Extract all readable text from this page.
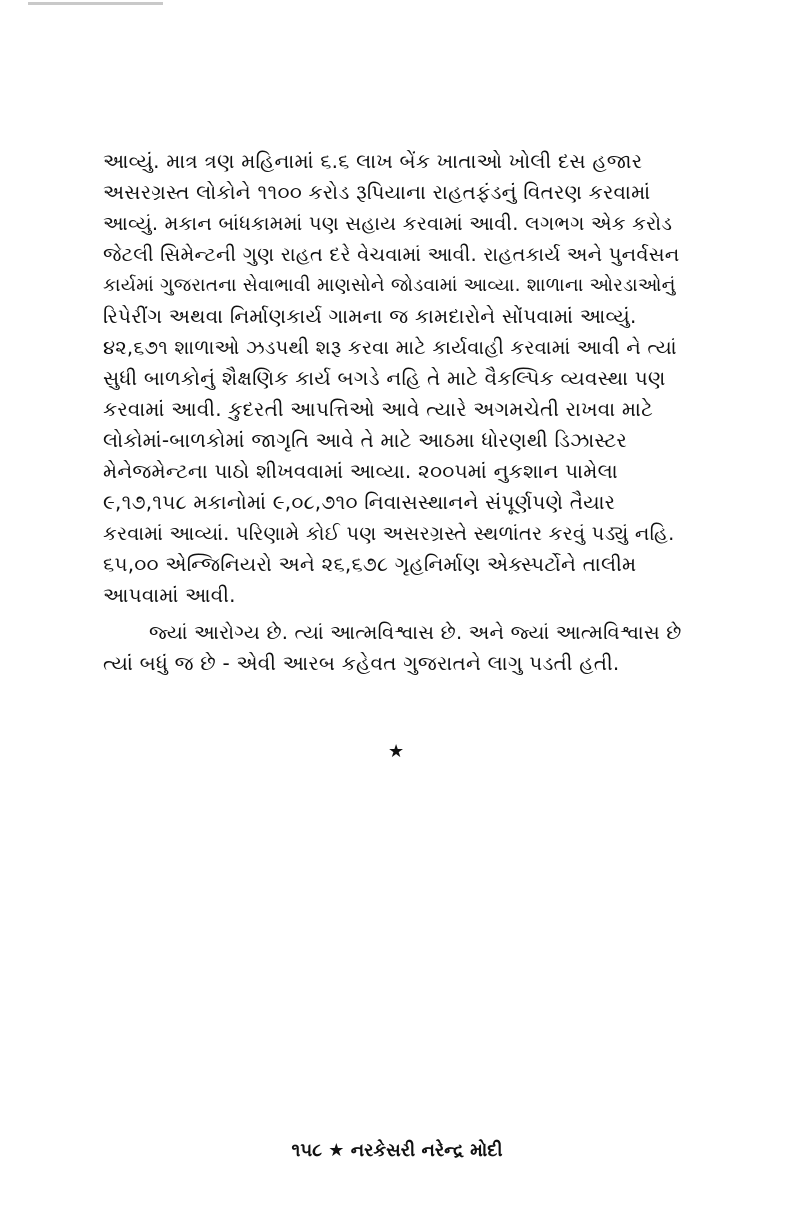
આવ્યું. માત્ર ત્રણ મહિનામાં ૬.૬ લાખ બેંક ખાતાઓ ખોલી દસ હજાર
અસરગ્રસ્ત લોકોને ૧૧૦૦ કરોડ રૂપિયાના રાહતફંડનું વિતરણ કરવામાં
આવ્યું. મકાન બાંધકામમાં પણ સહાય કરવામાં આવી. લગભગ એક કરોડ
જેટલી સિમેન્ટની ગુણ રાહત દરે વેચવામાં આવી. રાહતકાર્ય અને પુનર્વસન
કાર્યમાં ગુજરાતના સેવાભાવી માણસોને જોડવામાં આવ્યા. શાળાના ઓરડાઓનું
રિપેરીંગ અથવા નિર્માણકાર્ય ગામના જ કામદારોને સોંપવામાં આવ્યું.
૪૨,૬૭૧ શાળાઓ ઝડપથી શરૂ કરવા માટે કાર્યવાહી કરવામાં આવી ને ત્યાં
સુધી બાળકોનું શૈક્ષણિક કાર્ય બગડે નહિ તે માટે વૈકલ્પિક વ્યવસ્થા પણ
કરવામાં આવી. કુદરતી આપત્તિઓ આવે ત્યારે અગમચેતી રાખવા માટે
લોકોમાં-બાળકોમાં જાગૃતિ આવે તે માટે આઠમા ધોરણથી ડિઝાસ્ટર
મેનેજમેન્ટના પાઠો શીખવવામાં આવ્યા. ૨૦૦૫માં નુકશાન પામેલા
૯,૧૭,૧૫૮ મકાનોમાં ૯,૦૮,૭૧૦ નિવાસસ્થાનને સંપૂર્ણપણે તૈયાર
કરવામાં આવ્યાં. પરિણામે કોઈ પણ અસરગ્રસ્તે સ્થળાંતર કરવું પડ્યું નહિ.
૬૫,૦૦ એન્જિનિયરો અને ૨૬,૬૭૮ ગૃહનિર્માણ એક્સ્પર્ટોને તાલીમ
આપવામાં આવી.
જ્યાં આરોગ્ય છે. ત્યાં આત્મવિશ્વાસ છે. અને જ્યાં આત્મવિશ્વાસ છે
ત્યાં બધું જ છે - એવી આરબ કહેવત ગુજરાતને લાગુ પડતી હતી.
★
૧૫૮ ★ નરકેસરી નરેન્દ્ર મોદી
